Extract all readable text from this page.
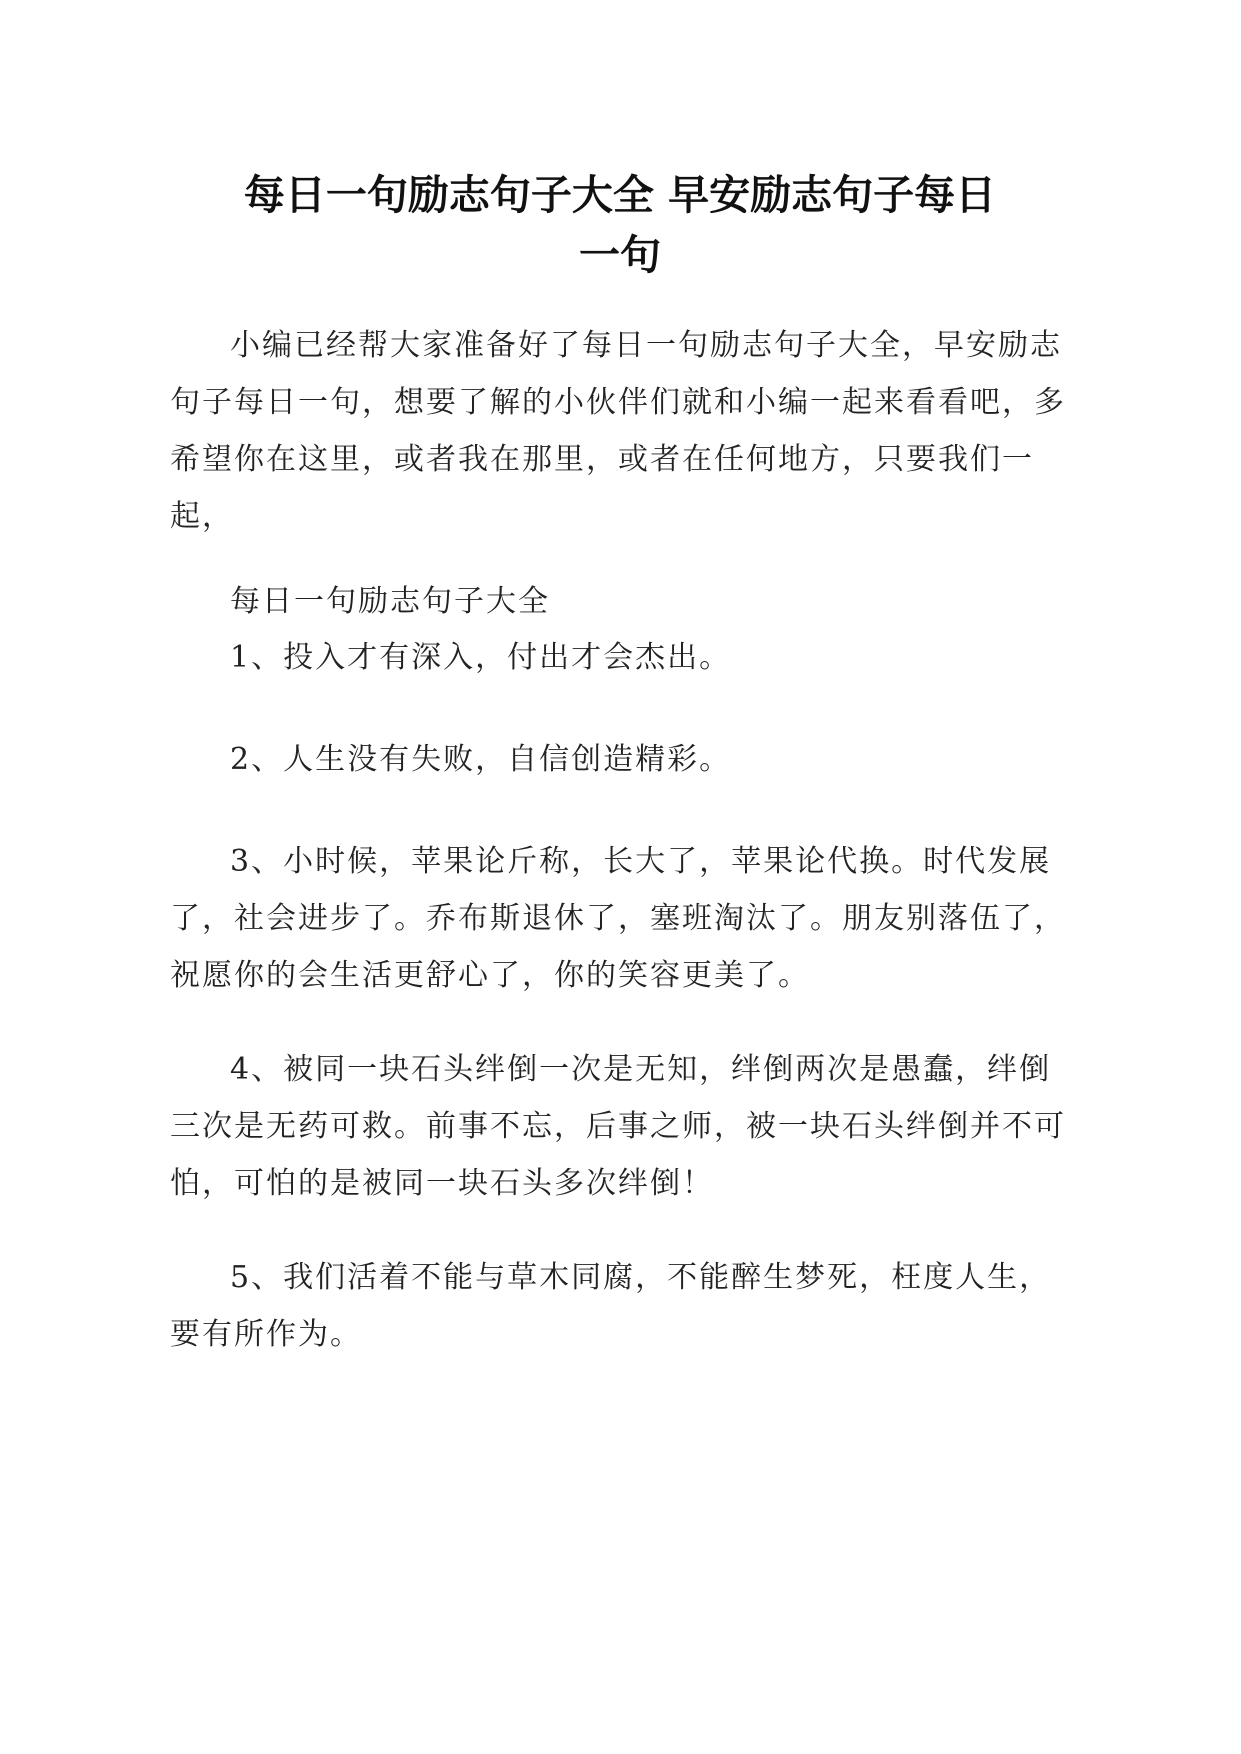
每日一句励志句子大全 早安励志句子每日
一句

小编已经帮大家准备好了每日一句励志句子大全，早安励志句子每日一句，想要了解的小伙伴们就和小编一起来看看吧，多希望你在这里，或者我在那里，或者在任何地方，只要我们一起，

每日一句励志句子大全

1、投入才有深入，付出才会杰出。

2、人生没有失败，自信创造精彩。

3、小时候，苹果论斤称，长大了，苹果论代换。时代发展了，社会进步了。乔布斯退休了，塞班淘汰了。朋友别落伍了，祝愿你的会生活更舒心了，你的笑容更美了。

4、被同一块石头绊倒一次是无知，绊倒两次是愚蠢，绊倒三次是无药可救。前事不忘，后事之师，被一块石头绊倒并不可怕，可怕的是被同一块石头多次绊倒！

5、我们活着不能与草木同腐，不能醉生梦死，枉度人生，要有所作为。
